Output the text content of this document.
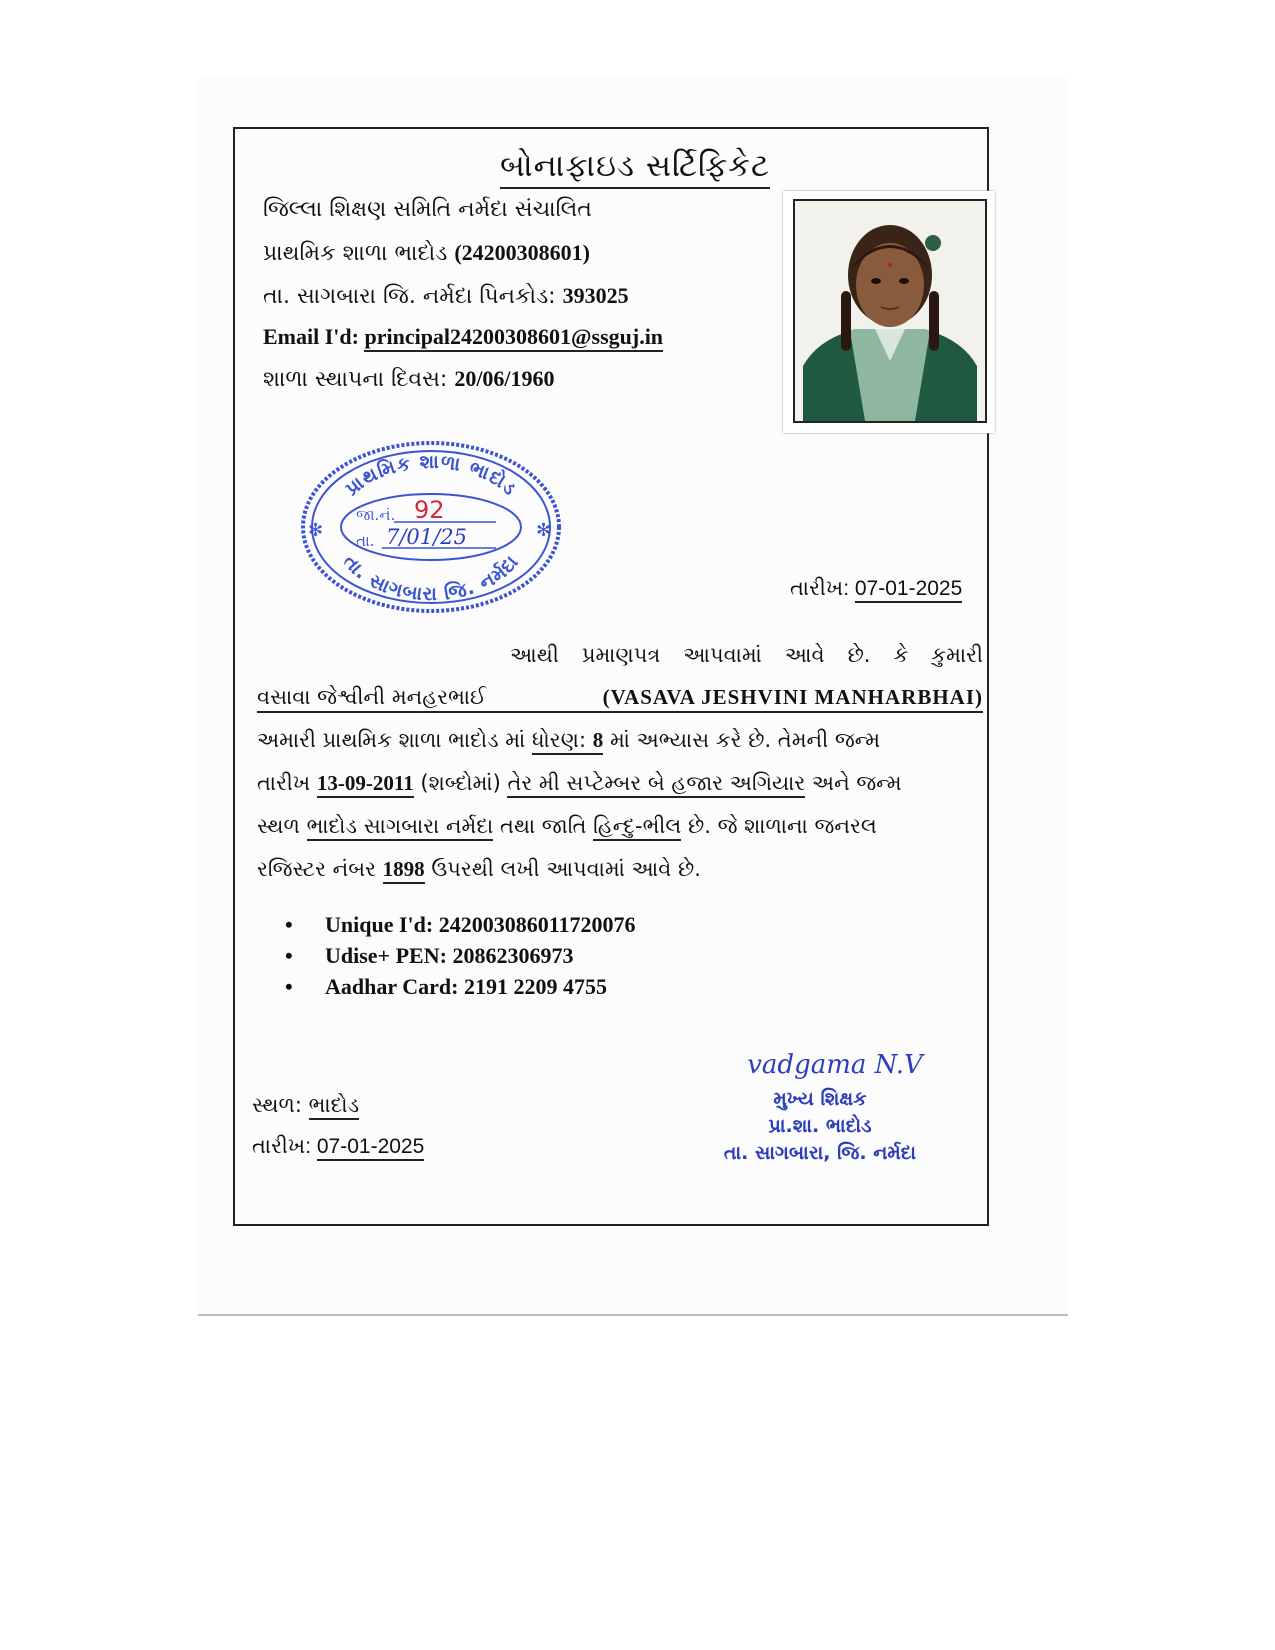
બોનાફાઇડ સર્ટિફિકેટ
જિલ્લા શિક્ષણ સમિતિ નર્મદા સંચાલિત
પ્રાથમિક શાળા ભાદોડ (24200308601)
તા. સાગબારા જિ. નર્મદા પિનકોડ: 393025
Email I'd: principal24200308601@ssguj.in
શાળા સ્થાપના દિવસ: 20/06/1960
પ્રાથમિક શાળા ભાદોડ
તા. સાગબારા જિ. નર્મદા
✻	✻
જા.નં. 92
તા. 7/01/25
તારીખ: 07-01-2025
આથી પ્રમાણપત્ર આપવામાં આવે છે. કે કુમારી
વસાવા જેશ્વીની મનહરભાઈ	(VASAVA JESHVINI MANHARBHAI)
અમારી પ્રાથમિક શાળા ભાદોડ માં ધોરણ: 8 માં અભ્યાસ કરે છે. તેમની જન્મ
તારીખ 13-09-2011 (શબ્દોમાં) તેર મી સપ્ટેમ્બર બે હજાર અગિયાર અને જન્મ
સ્થળ ભાદોડ સાગબારા નર્મદા તથા જાતિ હિન્દુ-ભીલ છે. જે શાળાના જનરલ
રજિસ્ટર નંબર 1898 ઉપરથી લખી આપવામાં આવે છે.
• Unique I'd: 242003086011720076
• Udise+ PEN: 20862306973
• Aadhar Card: 2191 2209 4755
સ્થળ: ભાદોડ
તારીખ: 07-01-2025
vadgama N.V
મુખ્ય શિક્ષક
પ્રા.શા. ભાદોડ
તા. સાગબારા, જિ. નર્મદા
